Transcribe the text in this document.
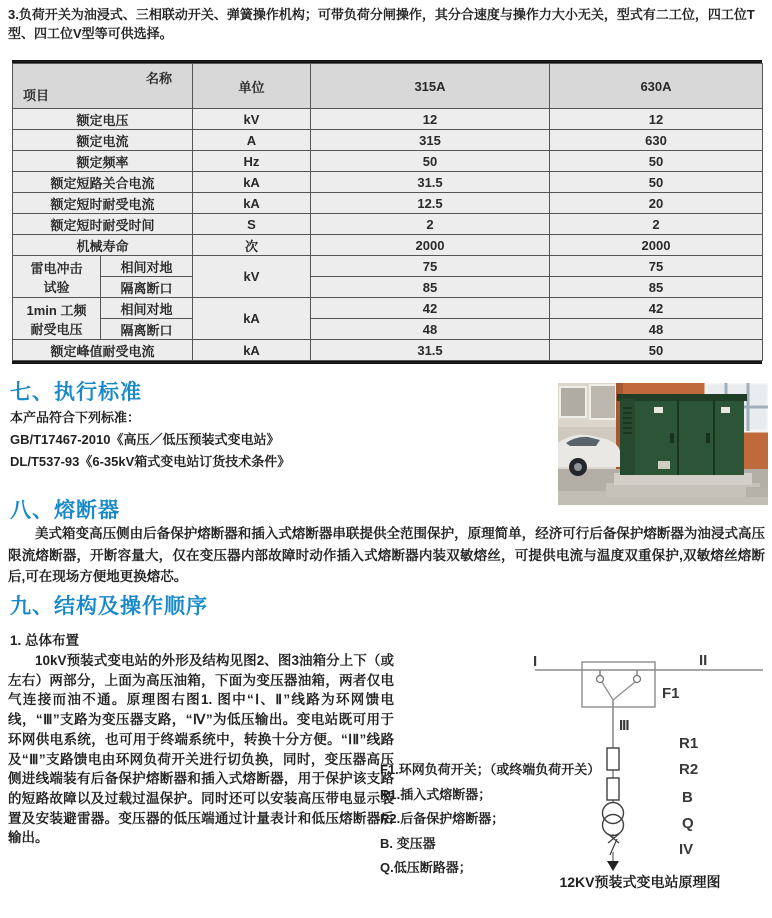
3.负荷开关为油浸式、三相联动开关、弹簧操作机构；可带负荷分闸操作，其分合速度与操作力大小无关，型式有二工位，四工位T型、四工位V型等可供选择。
名称
项目		单位	315A	630A
额定电压		kV	12	12
额定电流		A	315	630
额定频率		Hz	50	50
额定短路关合电流		kA	31.5	50
额定短时耐受电流		kA	12.5	20
额定短时耐受时间		S	2	2
机械寿命		次	2000	2000

雷电冲击
试验	相间对地	kV	75	75
	隔离断口		85	85

1min 工频
耐受电压	相间对地	kA	42	42
	隔离断口		48	48
额定峰值耐受电流		kA	31.5	50
七、执行标准
本产品符合下列标准：
GB/T17467-2010《高压／低压预装式变电站》
DL/T537-93《6-35kV箱式变电站订货技术条件》
八、熔断器
美式箱变高压侧由后备保护熔断器和插入式熔断器串联提供全范围保护，原理简单，经济可行后备保护熔断器为油浸式高压限流熔断器，开断容量大，仅在变压器内部故障时动作插入式熔断器内装双敏熔丝，可提供电流与温度双重保护,双敏熔丝熔断后,可在现场方便地更换熔芯。
九、结构及操作顺序
1. 总体布置
10kV预装式变电站的外形及结构见图2、图3油箱分上下（或左右）两部分，上面为高压油箱，下面为变压器油箱，两者仅电气连接而油不通。原理图右图1. 图中“Ⅰ、Ⅱ”线路为环网馈电线，“Ⅲ”支路为变压器支路，“Ⅳ”为低压输出。变电站既可用于环网供电系统，也可用于终端系统中，转换十分方便。“ⅠⅡ”线路及“Ⅲ”支路馈电由环网负荷开关进行切负换，同时，变压器高压侧进线端装有后备保护熔断器和插入式熔断器，用于保护该支路的短路故障以及过载过温保护。同时还可以安装高压带电显示装置及安装避雷器。变压器的低压端通过计量表计和低压熔断器后输出。
F1.环网负荷开关；（或终端负荷开关）
R1.插入式熔断器；
R2.后备保护熔断器；
B. 变压器
Q.低压断路器；
I	II
F1
III
R1
R2
B
Q
IV
12KV预装式变电站原理图
